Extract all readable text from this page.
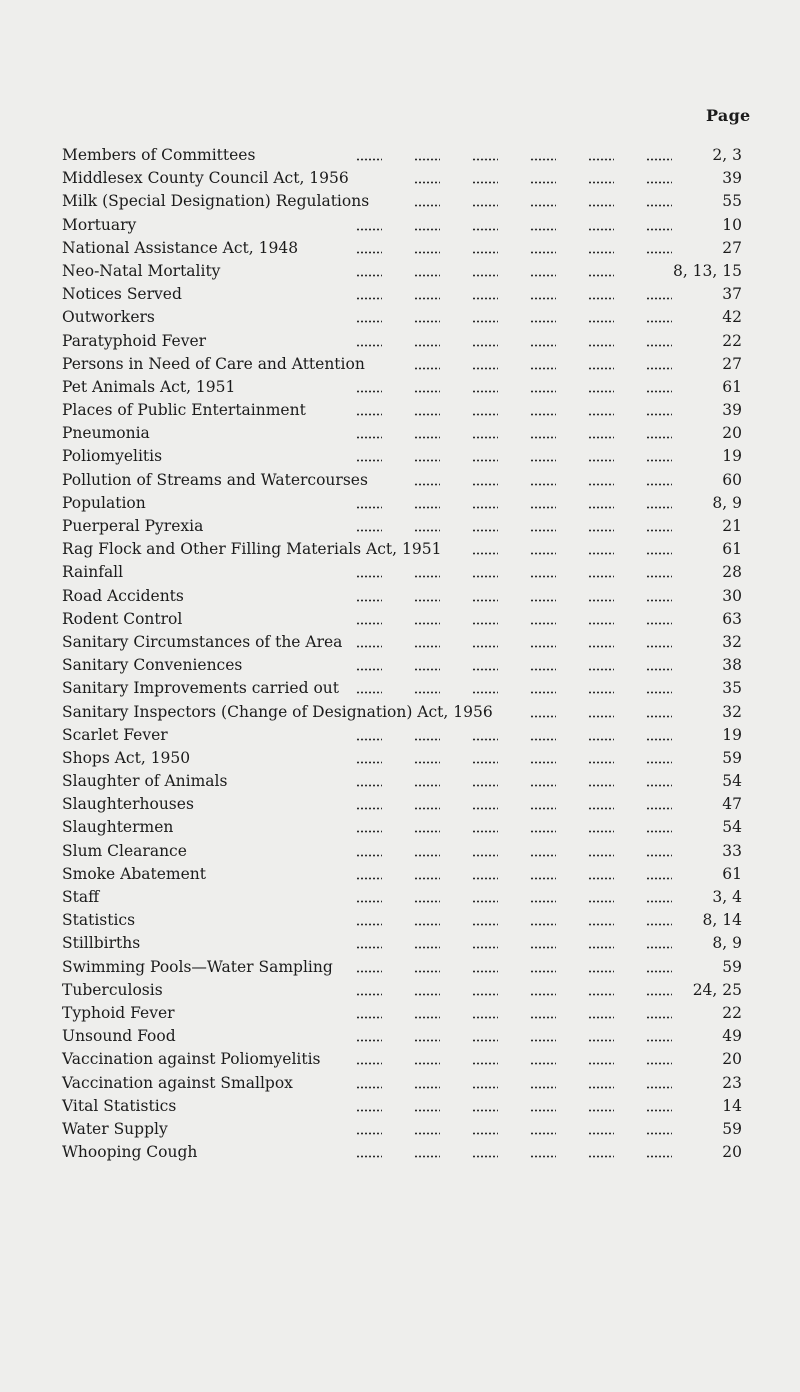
Page
Members of Committees	2, 3
Middlesex County Council Act, 1956	39
Milk (Special Designation) Regulations	55
Mortuary	10
National Assistance Act, 1948	27
Neo-Natal Mortality	8, 13, 15
Notices Served	37
Outworkers	42
Paratyphoid Fever	22
Persons in Need of Care and Attention	27
Pet Animals Act, 1951	61
Places of Public Entertainment	39
Pneumonia	20
Poliomyelitis	19
Pollution of Streams and Watercourses	60
Population	8, 9
Puerperal Pyrexia	21
Rag Flock and Other Filling Materials Act, 1951	61
Rainfall	28
Road Accidents	30
Rodent Control	63
Sanitary Circumstances of the Area	32
Sanitary Conveniences	38
Sanitary Improvements carried out	35
Sanitary Inspectors (Change of Designation) Act, 1956	32
Scarlet Fever	19
Shops Act, 1950	59
Slaughter of Animals	54
Slaughterhouses	47
Slaughtermen	54
Slum Clearance	33
Smoke Abatement	61
Staff	3, 4
Statistics	8, 14
Stillbirths	8, 9
Swimming Pools—Water Sampling	59
Tuberculosis	24, 25
Typhoid Fever	22
Unsound Food	49
Vaccination against Poliomyelitis	20
Vaccination against Smallpox	23
Vital Statistics	14
Water Supply	59
Whooping Cough	20
